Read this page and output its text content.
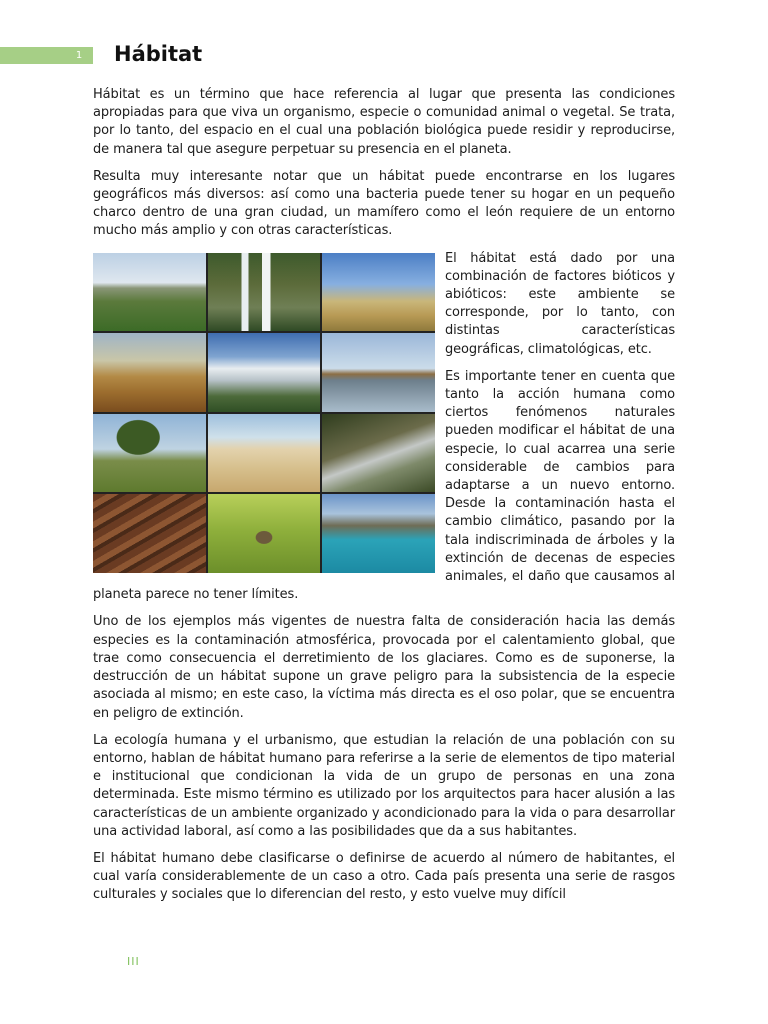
1 Hábitat

Hábitat es un término que hace referencia al lugar que presenta las condiciones apropiadas para que viva un organismo, especie o comunidad animal o vegetal. Se trata, por lo tanto, del espacio en el cual una población biológica puede residir y reproducirse, de manera tal que asegure perpetuar su presencia en el planeta.

Resulta muy interesante notar que un hábitat puede encontrarse en los lugares geográficos más diversos: así como una bacteria puede tener su hogar en un pequeño charco dentro de una gran ciudad, un mamífero como el león requiere de un entorno mucho más amplio y con otras características.

El hábitat está dado por una combinación de factores bióticos y abióticos: este ambiente se corresponde, por lo tanto, con distintas características geográficas, climatológicas, etc.

Es importante tener en cuenta que tanto la acción humana como ciertos fenómenos naturales pueden modificar el hábitat de una especie, lo cual acarrea una serie considerable de cambios para adaptarse a un nuevo entorno. Desde la contaminación hasta el cambio climático, pasando por la tala indiscriminada de árboles y la extinción de decenas de especies animales, el daño que causamos al planeta parece no tener límites.

Uno de los ejemplos más vigentes de nuestra falta de consideración hacia las demás especies es la contaminación atmosférica, provocada por el calentamiento global, que trae como consecuencia el derretimiento de los glaciares. Como es de suponerse, la destrucción de un hábitat supone un grave peligro para la subsistencia de la especie asociada al mismo; en este caso, la víctima más directa es el oso polar, que se encuentra en peligro de extinción.

La ecología humana y el urbanismo, que estudian la relación de una población con su entorno, hablan de hábitat humano para referirse a la serie de elementos de tipo material e institucional que condicionan la vida de un grupo de personas en una zona determinada. Este mismo término es utilizado por los arquitectos para hacer alusión a las características de un ambiente organizado y acondicionado para la vida o para desarrollar una actividad laboral, así como a las posibilidades que da a sus habitantes.

El hábitat humano debe clasificarse o definirse de acuerdo al número de habitantes, el cual varía considerablemente de un caso a otro. Cada país presenta una serie de rasgos culturales y sociales que lo diferencian del resto, y esto vuelve muy difícil

III
